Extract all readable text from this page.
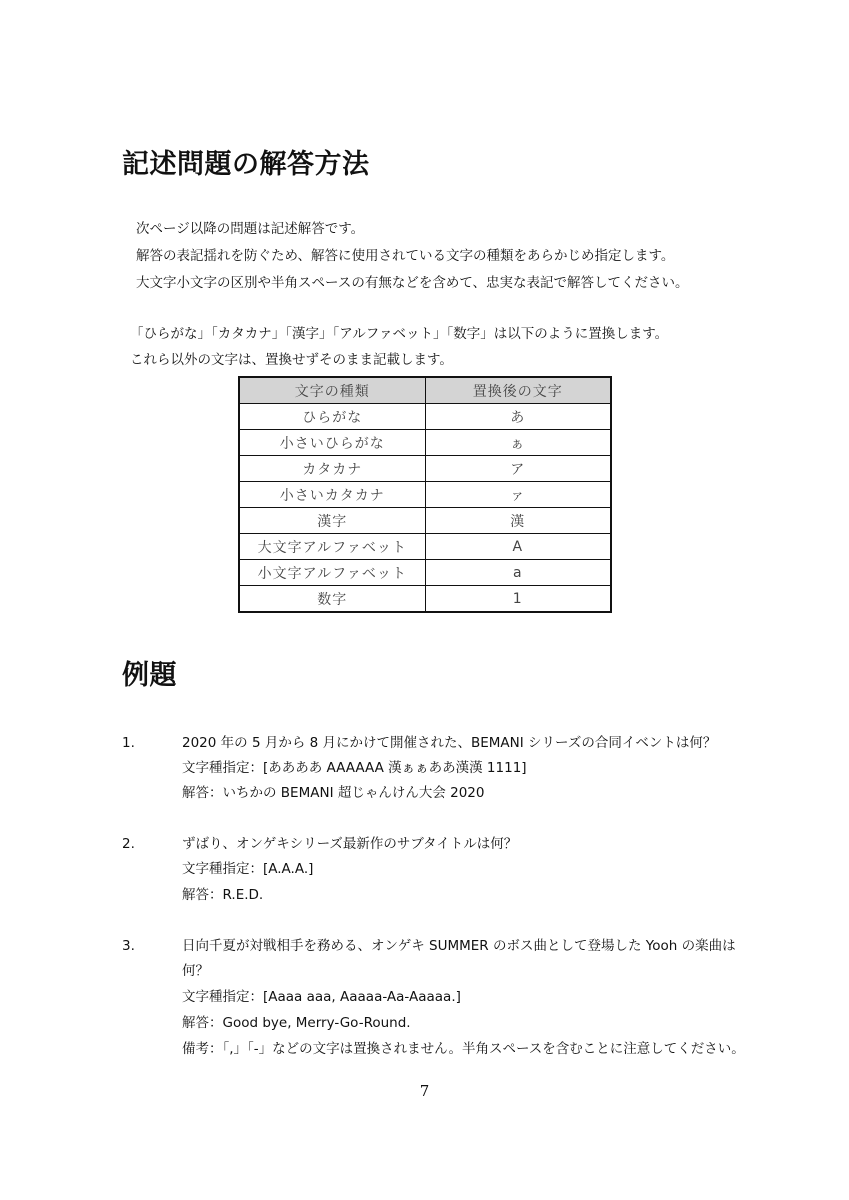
記述問題の解答方法

次ページ以降の問題は記述解答です。

解答の表記揺れを防ぐため、解答に使用されている文字の種類をあらかじめ指定します。

大文字小文字の区別や半角スペースの有無などを含めて、忠実な表記で解答してください。

「ひらがな」「カタカナ」「漢字」「アルファベット」「数字」は以下のように置換します。

これら以外の文字は、置換せずそのまま記載します。

文字の種類	置換後の文字
ひらがな	あ
小さいひらがな	ぁ
カタカナ	ア
小さいカタカナ	ァ
漢字	漢
大文字アルファベット	A
小文字アルファベット	a
数字	1
例題
1.	2020 年の 5 月から 8 月にかけて開催された、BEMANI シリーズの合同イベントは何？

文字種指定：[ああああ AAAAAA 漢ぁぁああ漢漢 1111]

解答：いちかの BEMANI 超じゃんけん大会 2020

2.	ずばり、オンゲキシリーズ最新作のサブタイトルは何？

文字種指定：[A.A.A.]

解答：R.E.D.

3.	日向千夏が対戦相手を務める、オンゲキ SUMMER のボス曲として登場した Yooh の楽曲は

何？

文字種指定：[Aaaa aaa, Aaaaa-Aa-Aaaaa.]

解答：Good bye, Merry-Go-Round.

備考：「,」「-」などの文字は置換されません。半角スペースを含むことに注意してください。

7
